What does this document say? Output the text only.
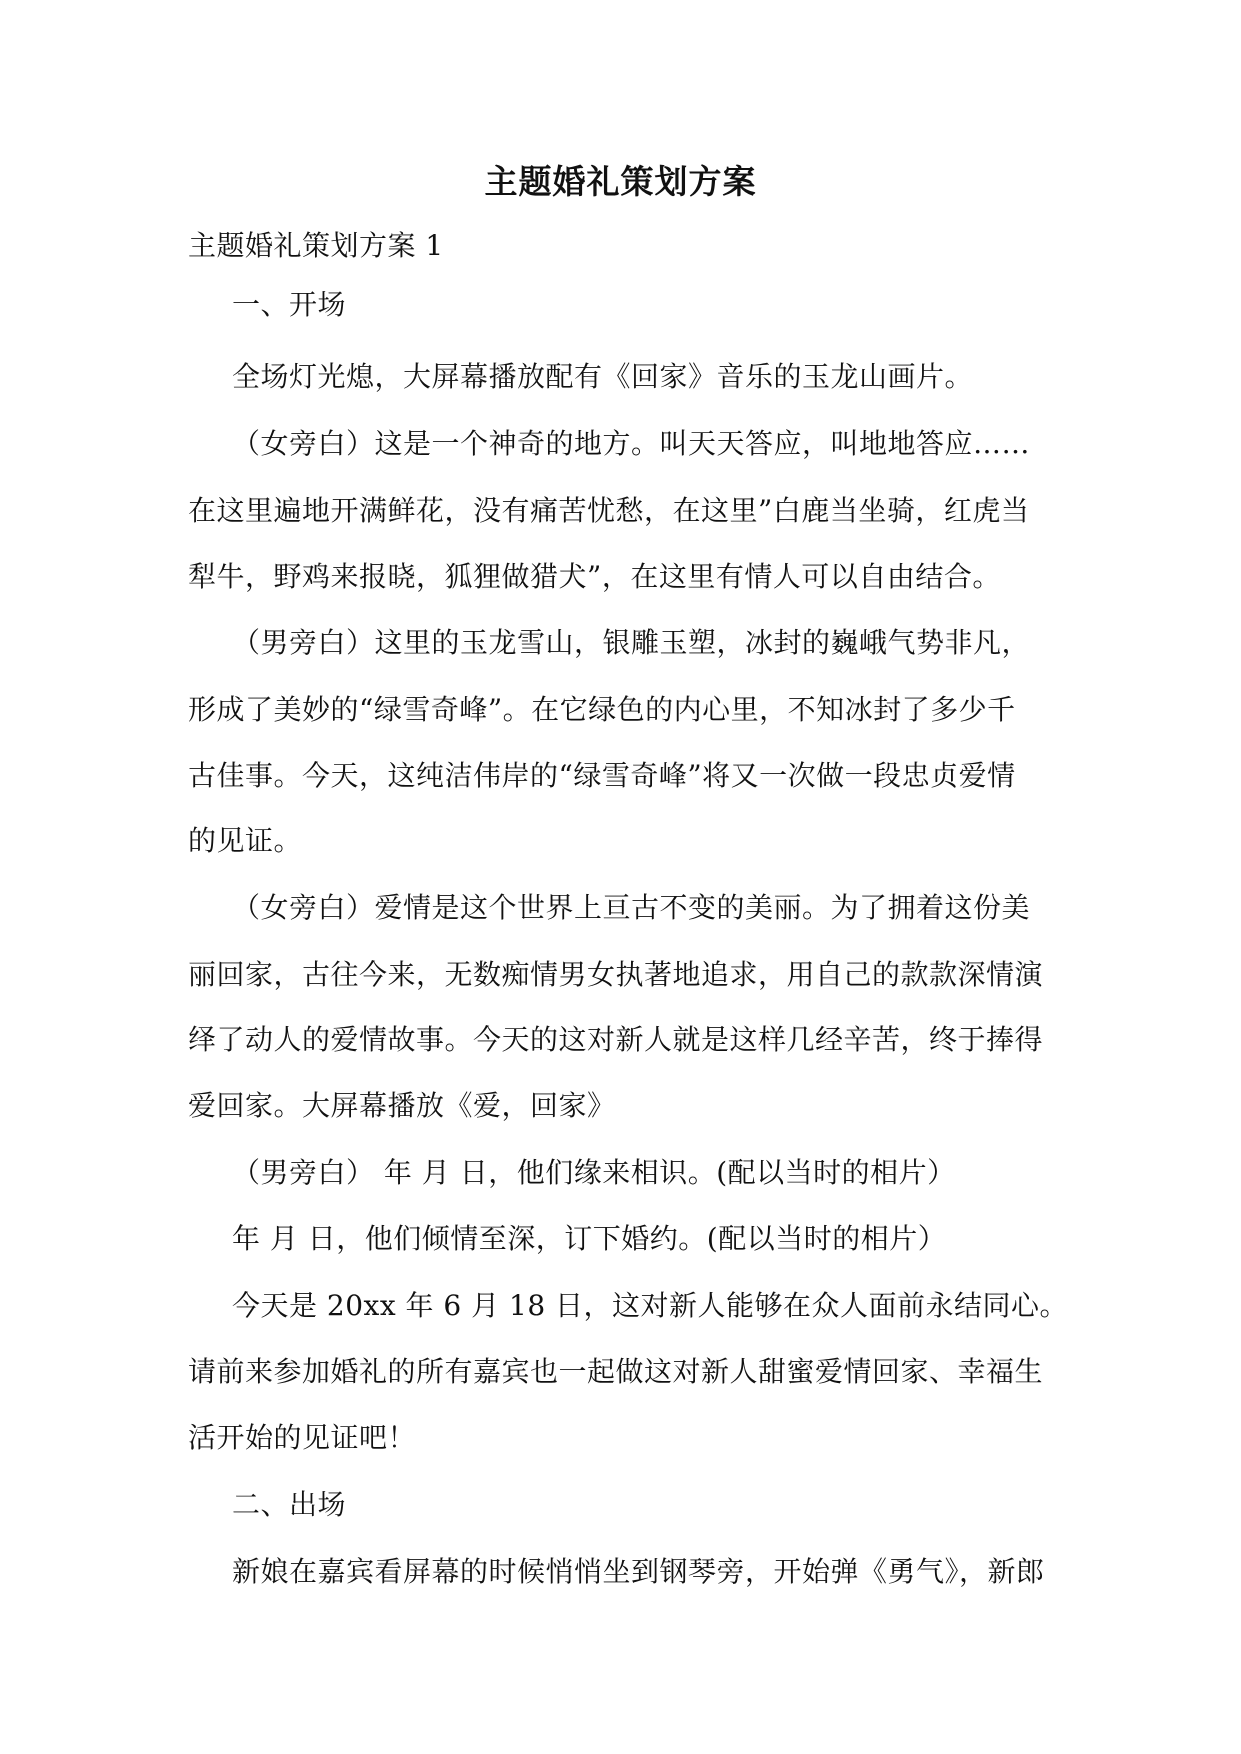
主题婚礼策划方案
主题婚礼策划方案 1
一、开场
全场灯光熄，大屏幕播放配有《回家》音乐的玉龙山画片。
（女旁白）这是一个神奇的地方。叫天天答应，叫地地答应……
在这里遍地开满鲜花，没有痛苦忧愁，在这里”白鹿当坐骑，红虎当
犁牛，野鸡来报晓，狐狸做猎犬”，在这里有情人可以自由结合。
（男旁白）这里的玉龙雪山，银雕玉塑，冰封的巍峨气势非凡，
形成了美妙的“绿雪奇峰”。在它绿色的内心里，不知冰封了多少千
古佳事。今天，这纯洁伟岸的“绿雪奇峰”将又一次做一段忠贞爱情
的见证。
（女旁白）爱情是这个世界上亘古不变的美丽。为了拥着这份美
丽回家，古往今来，无数痴情男女执著地追求，用自己的款款深情演
绎了动人的爱情故事。今天的这对新人就是这样几经辛苦，终于捧得
爱回家。大屏幕播放《爱，回家》
（男旁白） 年 月 日，他们缘来相识。(配以当时的相片）
年 月 日，他们倾情至深，订下婚约。(配以当时的相片）
今天是 20xx 年 6 月 18 日，这对新人能够在众人面前永结同心。
请前来参加婚礼的所有嘉宾也一起做这对新人甜蜜爱情回家、幸福生
活开始的见证吧！
二、出场
新娘在嘉宾看屏幕的时候悄悄坐到钢琴旁，开始弹《勇气》，新郎
